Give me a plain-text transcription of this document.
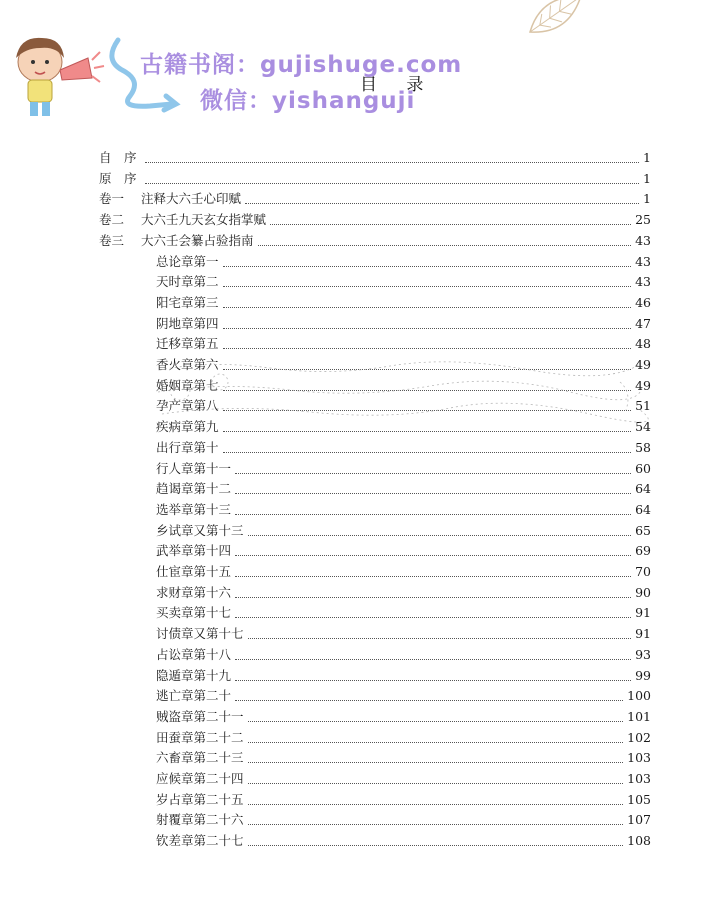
古籍书阁：gujishuge.com
微信：yishanguji
目 录
自　序	1
原　序	1
卷一	注释大六壬心印赋	1
卷二	大六壬九天玄女指掌赋	25
卷三	大六壬会纂占验指南	43
总论章第一	43
天时章第二	43
阳宅章第三	46
阴地章第四	47
迁移章第五	48
香火章第六	49
婚姻章第七	49
孕产章第八	51
疾病章第九	54
出行章第十	58
行人章第十一	60
趋谒章第十二	64
选举章第十三	64
乡试章又第十三	65
武举章第十四	69
仕宦章第十五	70
求财章第十六	90
买卖章第十七	91
讨债章又第十七	91
占讼章第十八	93
隐遁章第十九	99
逃亡章第二十	100
贼盗章第二十一	101
田蚕章第二十二	102
六畜章第二十三	103
应候章第二十四	103
岁占章第二十五	105
射覆章第二十六	107
钦差章第二十七	108
